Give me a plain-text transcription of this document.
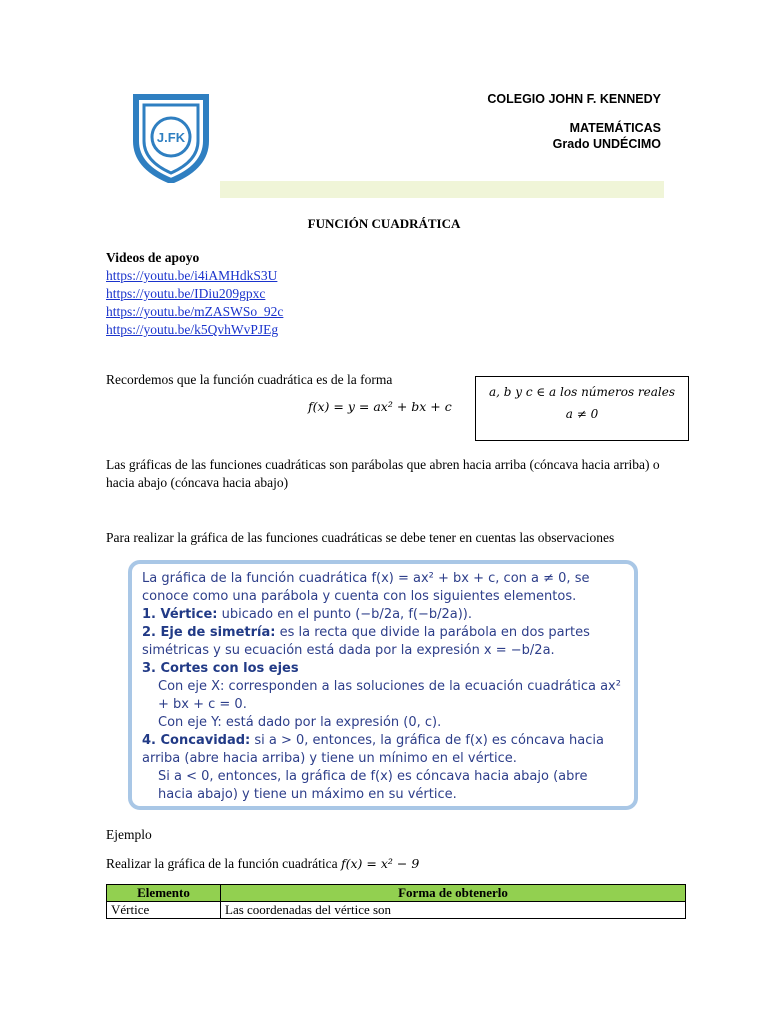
J.FK
COLEGIO JOHN F. KENNEDY
MATEMÁTICAS
Grado UNDÉCIMO
FUNCIÓN CUADRÁTICA
Videos de apoyo
https://youtu.be/i4iAMHdkS3U
https://youtu.be/IDiu209gpxc
https://youtu.be/mZASWSo_92c
https://youtu.be/k5QvhWvPJEg
Recordemos que la función cuadrática es de la forma
f(x) = y = ax² + bx + c
a, b y c ∈ a los números reales
a ≠ 0
Las gráficas de las funciones cuadráticas son parábolas que abren hacia arriba (cóncava hacia arriba) o hacia abajo (cóncava hacia abajo)
Para realizar la gráfica de las funciones cuadráticas se debe tener en cuentas las observaciones
La gráfica de la función cuadrática f(x) = ax² + bx + c, con a ≠ 0, se conoce como una parábola y cuenta con los siguientes elementos.
1. Vértice: ubicado en el punto (−b/2a, f(−b/2a)).
2. Eje de simetría: es la recta que divide la parábola en dos partes simétricas y su ecuación está dada por la expresión x = −b/2a.
3. Cortes con los ejes
Con eje X: corresponden a las soluciones de la ecuación cuadrática ax² + bx + c = 0.
Con eje Y: está dado por la expresión (0, c).
4. Concavidad: si a > 0, entonces, la gráfica de f(x) es cóncava hacia arriba (abre hacia arriba) y tiene un mínimo en el vértice.
Si a < 0, entonces, la gráfica de f(x) es cóncava hacia abajo (abre hacia abajo) y tiene un máximo en su vértice.
Ejemplo
Realizar la gráfica de la función cuadrática f(x) = x² − 9
Elemento	Forma de obtenerlo
Vértice	Las coordenadas del vértice son
